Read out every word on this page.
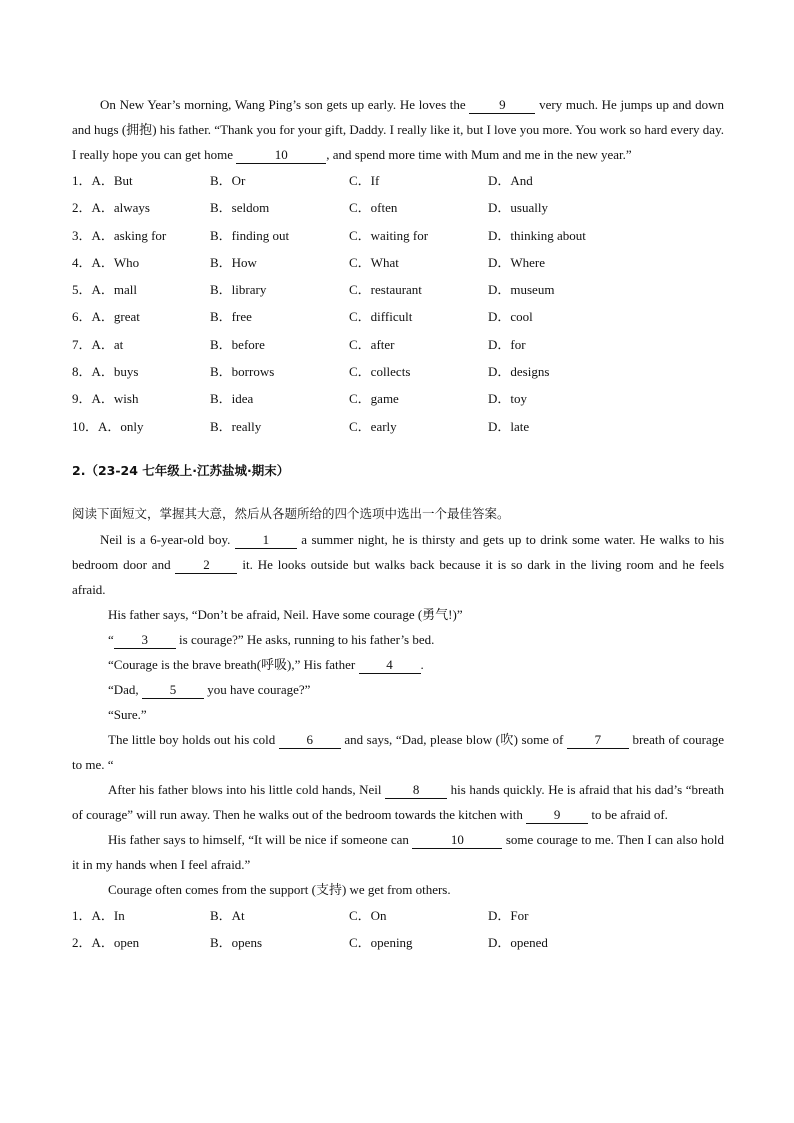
On New Year’s morning, Wang Ping’s son gets up early. He loves the	9	very much. He jumps up and down and hugs (拥抱) his father. “Thank you for your gift, Daddy. I really like it, but I love you more. You work so hard every day. I really hope you can get home	10	, and spend more time with Mum and me in the new year.”

1．A．But	B．Or	C．If	D．And
2．A．always	B．seldom	C．often	D．usually
3．A．asking for	B．finding out	C．waiting for	D．thinking about
4．A．Who	B．How	C．What	D．Where
5．A．mall	B．library	C．restaurant	D．museum
6．A．great	B．free	C．difficult	D．cool
7．A．at	B．before	C．after	D．for
8．A．buys	B．borrows	C．collects	D．designs
9．A．wish	B．idea	C．game	D．toy
10．A．only	B．really	C．early	D．late
2.（23-24 七年级上·江苏盐城·期末）
阅读下面短文，掌握其大意，然后从各题所给的四个选项中选出一个最佳答案。

Neil is a 6-year-old boy. 1 a summer night, he is thirsty and gets up to drink some water. He walks to his bedroom door and	2	it. He looks outside but walks back because it is so dark in the living room and he feels afraid.

His father says, “Don’t be afraid, Neil. Have some courage (勇气!)”

“ 3 is courage?” He asks, running to his father’s bed.

“Courage is the brave breath(呼吸),” His father 4 .

“Dad, 5 you have courage?”

“Sure.”

The little boy holds out his cold 6 and says, “Dad, please blow (吹) some of 7 breath of courage to me. “

After his father blows into his little cold hands, Neil 8 his hands quickly. He is afraid that his dad’s “breath of courage” will run away. Then he walks out of the bedroom towards the kitchen with 9 to be afraid of.

His father says to himself, “It will be nice if someone can	10	some courage to me. Then I can also hold it in my hands when I feel afraid.”

Courage often comes from the support (支持) we get from others.

1．A．In	B．At	C．On	D．For
2．A．open	B．opens	C．opening	D．opened
